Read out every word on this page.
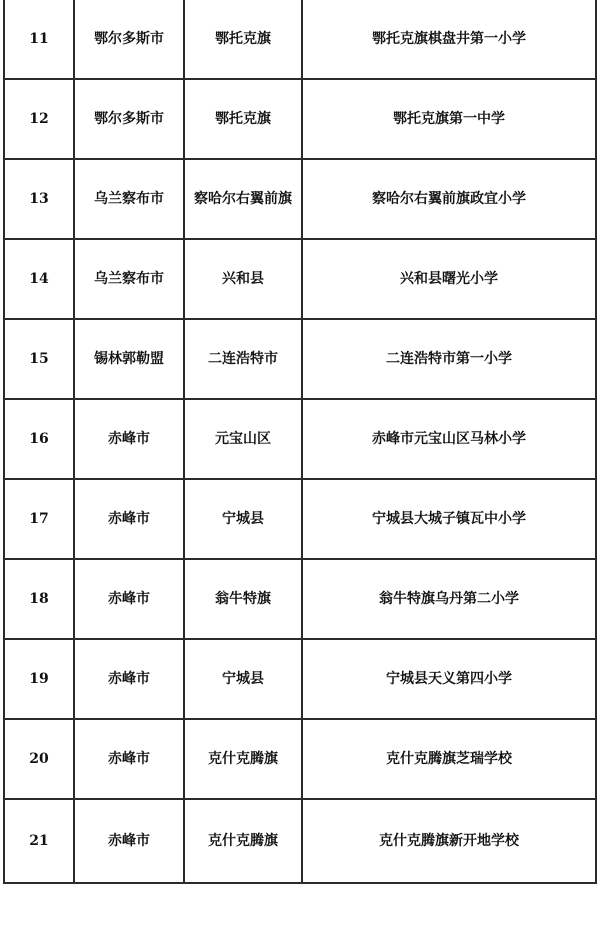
11	鄂尔多斯市	鄂托克旗	鄂托克旗棋盘井第一小学
12	鄂尔多斯市	鄂托克旗	鄂托克旗第一中学
13	乌兰察布市	察哈尔右翼前旗	察哈尔右翼前旗政宜小学
14	乌兰察布市	兴和县	兴和县曙光小学
15	锡林郭勒盟	二连浩特市	二连浩特市第一小学
16	赤峰市	元宝山区	赤峰市元宝山区马林小学
17	赤峰市	宁城县	宁城县大城子镇瓦中小学
18	赤峰市	翁牛特旗	翁牛特旗乌丹第二小学
19	赤峰市	宁城县	宁城县天义第四小学
20	赤峰市	克什克腾旗	克什克腾旗芝瑞学校
21	赤峰市	克什克腾旗	克什克腾旗新开地学校
